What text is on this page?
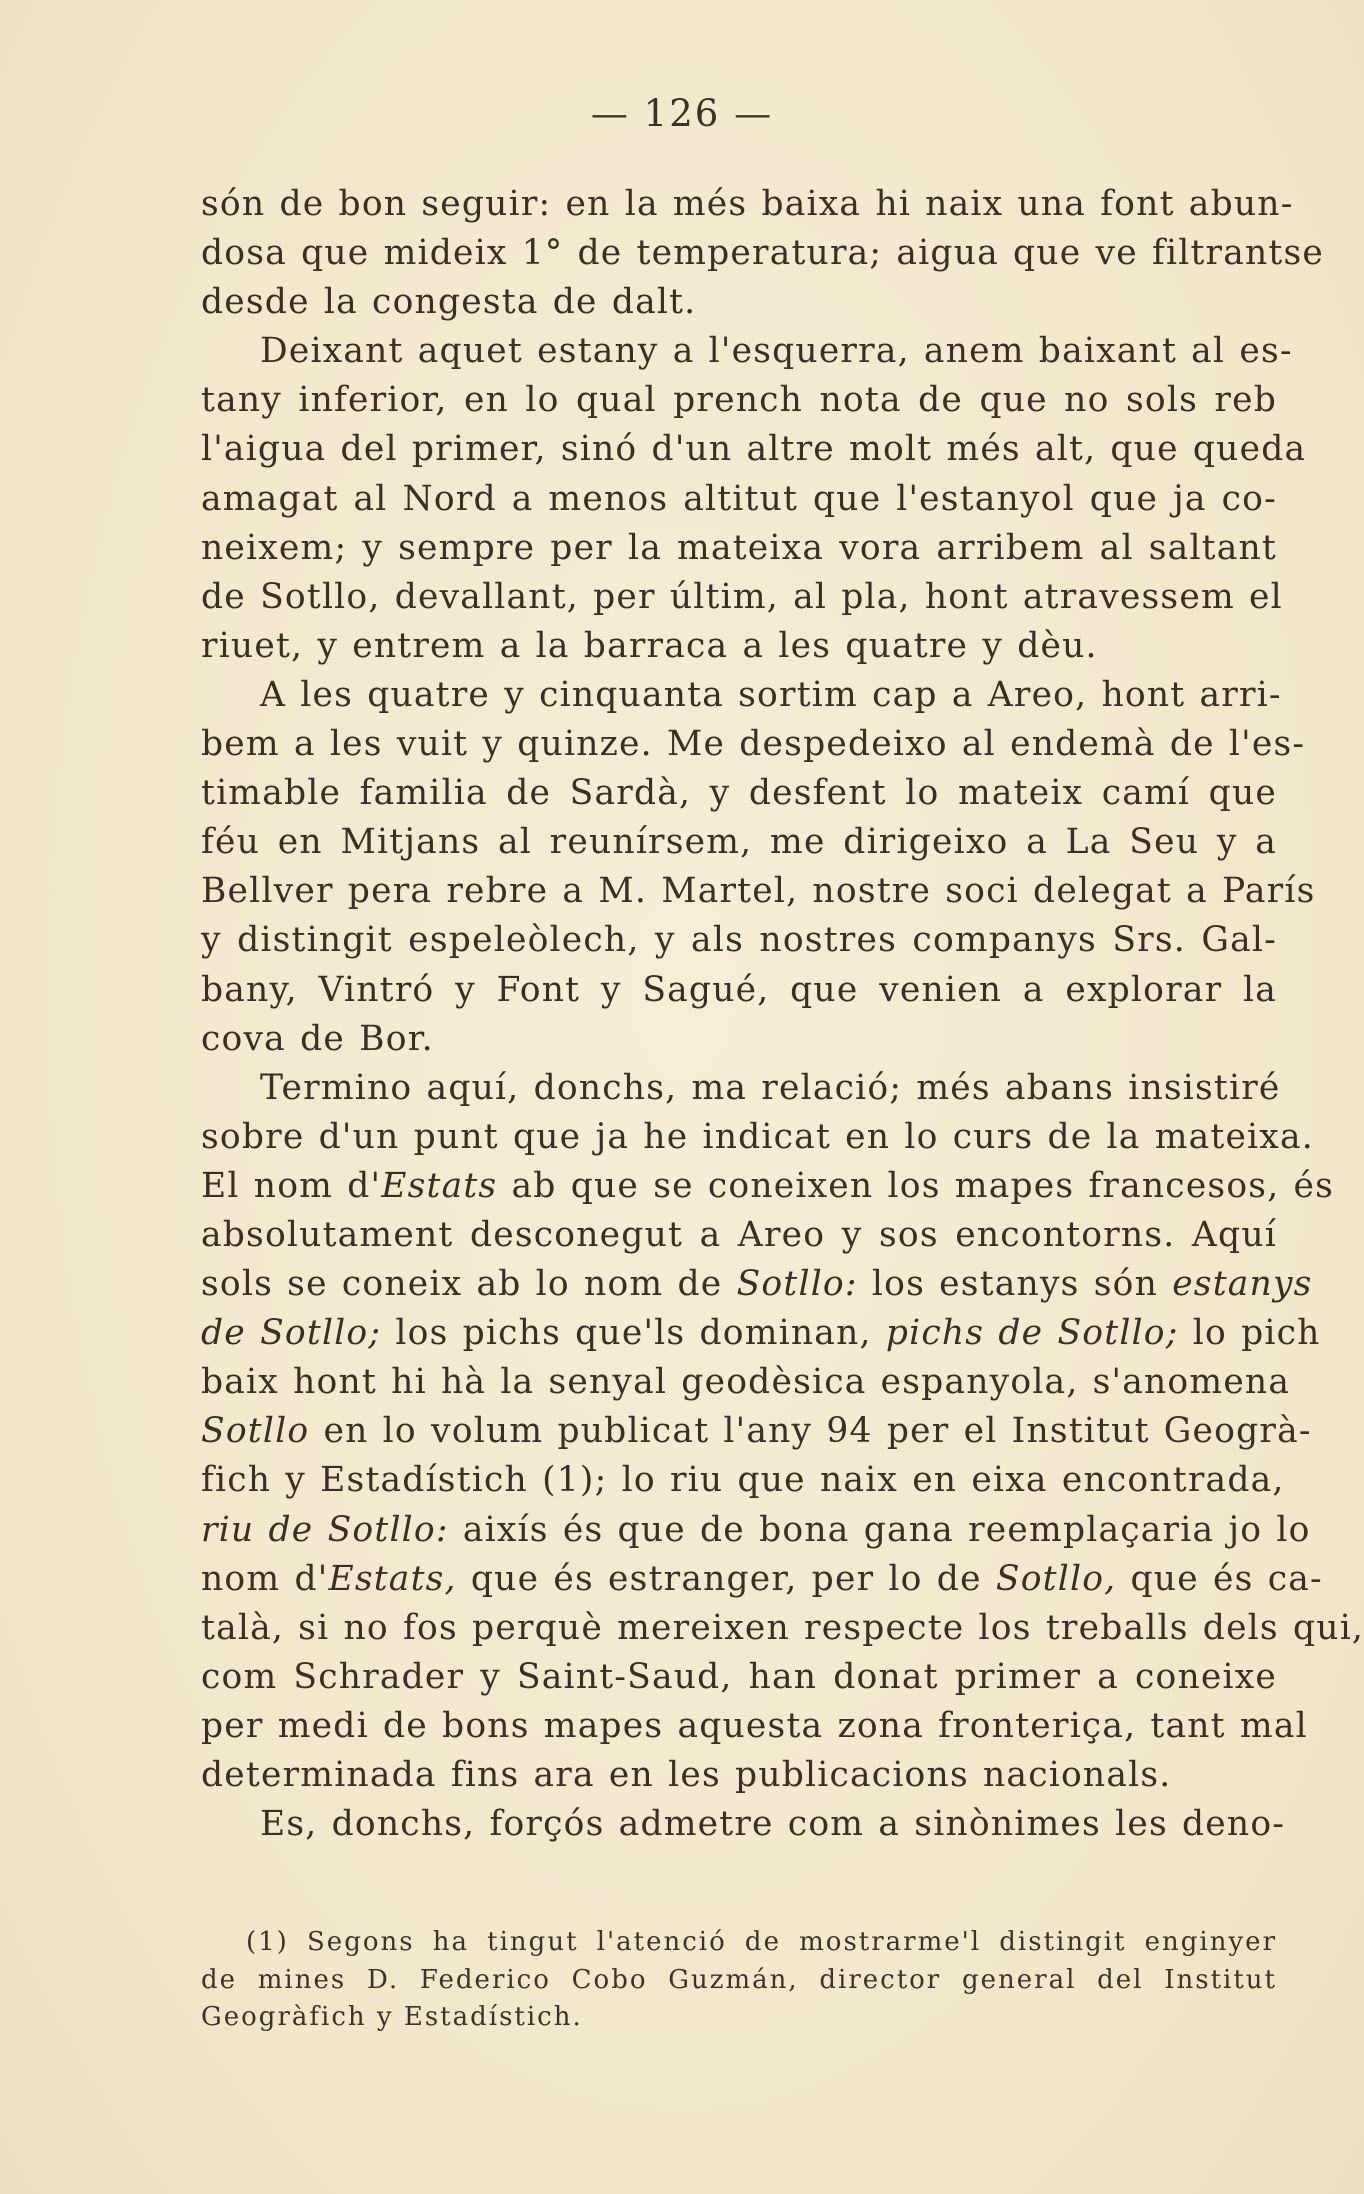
— 126 —
són de bon seguir: en la més baixa hi naix una font abun-
dosa que mideix 1° de temperatura; aigua que ve filtrantse
desde la congesta de dalt.
Deixant aquet estany a l'esquerra, anem baixant al es-
tany inferior, en lo qual prench nota de que no sols reb
l'aigua del primer, sinó d'un altre molt més alt, que queda
amagat al Nord a menos altitut que l'estanyol que ja co-
neixem; y sempre per la mateixa vora arribem al saltant
de Sotllo, devallant, per últim, al pla, hont atravessem el
riuet, y entrem a la barraca a les quatre y dèu.
A les quatre y cinquanta sortim cap a Areo, hont arri-
bem a les vuit y quinze. Me despedeixo al endemà de l'es-
timable familia de Sardà, y desfent lo mateix camí que
féu en Mitjans al reunírsem, me dirigeixo a La Seu y a
Bellver pera rebre a M. Martel, nostre soci delegat a París
y distingit espeleòlech, y als nostres companys Srs. Gal-
bany, Vintró y Font y Sagué, que venien a explorar la
cova de Bor.
Termino aquí, donchs, ma relació; més abans insistiré
sobre d'un punt que ja he indicat en lo curs de la mateixa.
El nom d'Estats ab que se coneixen los mapes francesos, és
absolutament desconegut a Areo y sos encontorns. Aquí
sols se coneix ab lo nom de Sotllo: los estanys són estanys
de Sotllo; los pichs que'ls dominan, pichs de Sotllo; lo pich
baix hont hi hà la senyal geodèsica espanyola, s'anomena
Sotllo en lo volum publicat l'any 94 per el Institut Geogrà-
fich y Estadístich (1); lo riu que naix en eixa encontrada,
riu de Sotllo: aixís és que de bona gana reemplaçaria jo lo
nom d'Estats, que és estranger, per lo de Sotllo, que és ca-
talà, si no fos perquè mereixen respecte los treballs dels qui,
com Schrader y Saint-Saud, han donat primer a coneixe
per medi de bons mapes aquesta zona fronteriça, tant mal
determinada fins ara en les publicacions nacionals.
Es, donchs, forçós admetre com a sinònimes les deno-
(1) Segons ha tingut l'atenció de mostrarme'l distingit enginyer
de mines D. Federico Cobo Guzmán, director general del Institut
Geogràfich y Estadístich.
